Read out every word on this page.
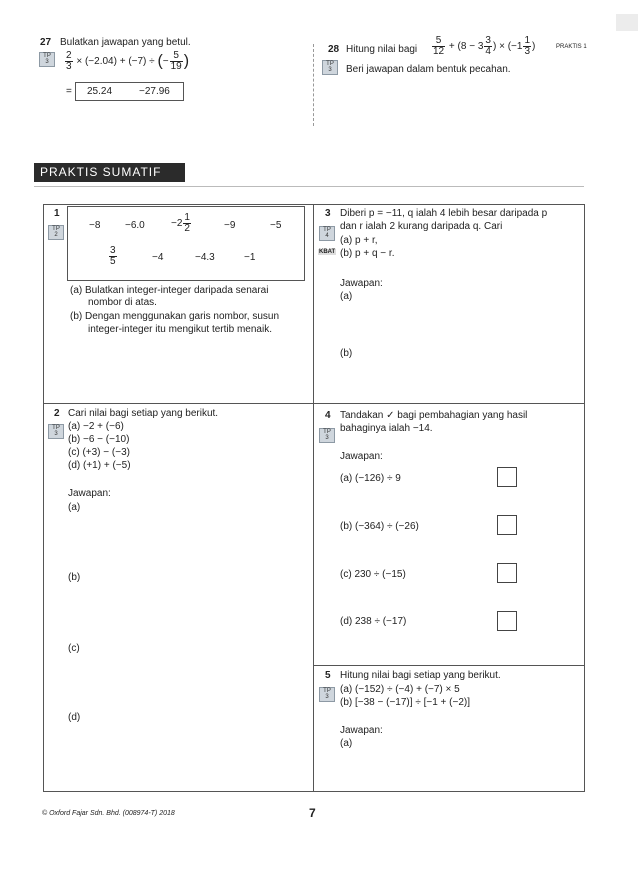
PRAKTIS 1
27 Bulatkan jawapan yang betul.
TP
3	$\frac{2}{3} \times (-2.04) + (-7)$ ÷ (− $\frac{5}{19}$ )
= 25.24	−27.96
28 Hitung nilai bagi $\frac{5}{12} + (8 - 3 \frac{3}{4}$ ) × ($-1 \frac{1}{3}$ )
TP
3	Beri jawapan dalam bentuk pecahan.
PRAKTIS SUMATIF
1
TP
2
−8 −6.0	$-2 \frac{1}{2}$	−9	−5
$\frac{3}{5}$	−4	−4.3	−1
(a) Bulatkan integer-integer daripada senarai
nombor di atas.
(b) Dengan menggunakan garis nombor, susun
integer-integer itu mengikut tertib menaik.
2 Cari nilai bagi setiap yang berikut.
TP
3
(a) −2 + (−6)
(b) −6 − (−10)
(c) (+3) − (−3)
(d) (+1) + (−5)
Jawapan:
(a)
(b)
(c)
(d)
3 Diberi p = −11, q ialah 4 lebih besar daripada p
dan r ialah 2 kurang daripada q. Cari
TP
4
KBAT
(a) p + r,
(b) p + q − r.
Jawapan:
(a)
(b)
4 Tandakan ✓ bagi pembahagian yang hasil
bahaginya ialah −14.
TP
3
Jawapan:
(a) (−126) ÷ 9
(b) (−364) ÷ (−26)
(c) 230 ÷ (−15)
(d) 238 ÷ (−17)
5 Hitung nilai bagi setiap yang berikut.
TP
3
(a) (−152) ÷ (−4) + (−7) × 5
(b) [−38 − (−17)] ÷ [−1 + (−2)]
Jawapan:
(a)
© Oxford Fajar Sdn. Bhd. (008974-T) 2018	7
